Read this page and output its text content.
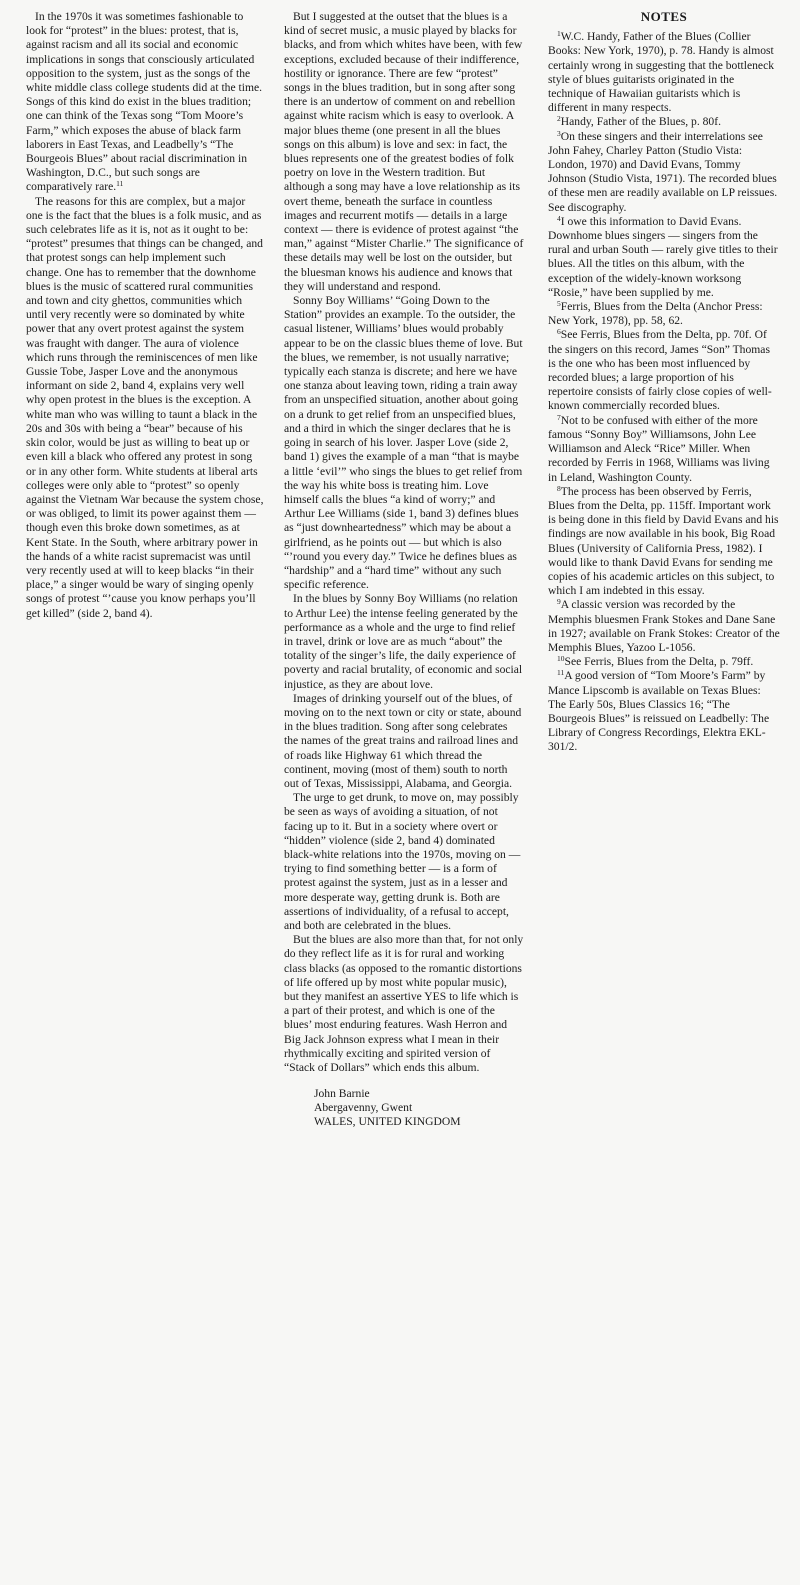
In the 1970s it was sometimes fashionable to look for “protest” in the blues: protest, that is, against racism and all its social and economic implications in songs that consciously articulated opposition to the system, just as the songs of the white middle class college students did at the time. Songs of this kind do exist in the blues tradition; one can think of the Texas song “Tom Moore’s Farm,” which exposes the abuse of black farm laborers in East Texas, and Leadbelly’s “The Bourgeois Blues” about racial discrimination in Washington, D.C., but such songs are comparatively rare.$^{11}$

The reasons for this are complex, but a major one is the fact that the blues is a folk music, and as such celebrates life as it is, not as it ought to be: “protest” presumes that things can be changed, and that protest songs can help implement such change. One has to remember that the downhome blues is the music of scattered rural communities and town and city ghettos, communities which until very recently were so dominated by white power that any overt protest against the system was fraught with danger. The aura of violence which runs through the reminiscences of men like Gussie Tobe, Jasper Love and the anonymous informant on side 2, band 4, explains very well why open protest in the blues is the exception. A white man who was willing to taunt a black in the 20s and 30s with being a “bear” because of his skin color, would be just as willing to beat up or even kill a black who offered any protest in song or in any other form. White students at liberal arts colleges were only able to “protest” so openly against the Vietnam War because the system chose, or was obliged, to limit its power against them — though even this broke down sometimes, as at Kent State. In the South, where arbitrary power in the hands of a white racist supremacist was until very recently used at will to keep blacks “in their place,” a singer would be wary of singing openly songs of protest “’cause you know perhaps you’ll get killed” (side 2, band 4).

But I suggested at the outset that the blues is a kind of secret music, a music played by blacks for blacks, and from which whites have been, with few exceptions, excluded because of their indifference, hostility or ignorance. There are few “protest” songs in the blues tradition, but in song after song there is an undertow of comment on and rebellion against white racism which is easy to overlook. A major blues theme (one present in all the blues songs on this album) is love and sex: in fact, the blues represents one of the greatest bodies of folk poetry on love in the Western tradition. But although a song may have a love relationship as its overt theme, beneath the surface in countless images and recurrent motifs — details in a large context — there is evidence of protest against “the man,” against “Mister Charlie.” The significance of these details may well be lost on the outsider, but the bluesman knows his audience and knows that they will understand and respond.

Sonny Boy Williams’ “Going Down to the Station” provides an example. To the outsider, the casual listener, Williams’ blues would probably appear to be on the classic blues theme of love. But the blues, we remember, is not usually narrative; typically each stanza is discrete; and here we have one stanza about leaving town, riding a train away from an unspecified situation, another about going on a drunk to get relief from an unspecified blues, and a third in which the singer declares that he is going in search of his lover. Jasper Love (side 2, band 1) gives the example of a man “that is maybe a little ‘evil’” who sings the blues to get relief from the way his white boss is treating him. Love himself calls the blues “a kind of worry;” and Arthur Lee Williams (side 1, band 3) defines blues as “just downheartedness” which may be about a girlfriend, as he points out — but which is also “’round you every day.” Twice he defines blues as “hardship” and a “hard time” without any such specific reference.

In the blues by Sonny Boy Williams (no relation to Arthur Lee) the intense feeling generated by the performance as a whole and the urge to find relief in travel, drink or love are as much “about” the totality of the singer’s life, the daily experience of poverty and racial brutality, of economic and social injustice, as they are about love.

Images of drinking yourself out of the blues, of moving on to the next town or city or state, abound in the blues tradition. Song after song celebrates the names of the great trains and railroad lines and of roads like Highway 61 which thread the continent, moving (most of them) south to north out of Texas, Mississippi, Alabama, and Georgia.

The urge to get drunk, to move on, may possibly be seen as ways of avoiding a situation, of not facing up to it. But in a society where overt or “hidden” violence (side 2, band 4) dominated black-white relations into the 1970s, moving on — trying to find something better — is a form of protest against the system, just as in a lesser and more desperate way, getting drunk is. Both are assertions of individuality, of a refusal to accept, and both are celebrated in the blues.

But the blues are also more than that, for not only do they reflect life as it is for rural and working class blacks (as opposed to the romantic distortions of life offered up by most white popular music), but they manifest an assertive YES to life which is a part of their protest, and which is one of the blues’ most enduring features. Wash Herron and Big Jack Johnson express what I mean in their rhythmically exciting and spirited version of “Stack of Dollars” which ends this album.

John Barnie
Abergavenny, Gwent
WALES, UNITED KINGDOM
NOTES

$^1$W.C. Handy, Father of the Blues (Collier Books: New York, 1970), p. 78. Handy is almost certainly wrong in suggesting that the bottleneck style of blues guitarists originated in the technique of Hawaiian guitarists which is different in many respects.

$^2$Handy, Father of the Blues, p. 80f.

$^3$On these singers and their interrelations see John Fahey, Charley Patton (Studio Vista: London, 1970) and David Evans, Tommy Johnson (Studio Vista, 1971). The recorded blues of these men are readily available on LP reissues. See discography.

$^4$I owe this information to David Evans. Downhome blues singers — singers from the rural and urban South — rarely give titles to their blues. All the titles on this album, with the exception of the widely-known worksong “Rosie,” have been supplied by me.

$^5$Ferris, Blues from the Delta (Anchor Press: New York, 1978), pp. 58, 62.

$^6$See Ferris, Blues from the Delta, pp. 70f. Of the singers on this record, James “Son” Thomas is the one who has been most influenced by recorded blues; a large proportion of his repertoire consists of fairly close copies of well-known commercially recorded blues.

$^7$Not to be confused with either of the more famous “Sonny Boy” Williamsons, John Lee Williamson and Aleck “Rice” Miller. When recorded by Ferris in 1968, Williams was living in Leland, Washington County.

$^8$The process has been observed by Ferris, Blues from the Delta, pp. 115ff. Important work is being done in this field by David Evans and his findings are now available in his book, Big Road Blues (University of California Press, 1982). I would like to thank David Evans for sending me copies of his academic articles on this subject, to which I am indebted in this essay.

$^9$A classic version was recorded by the Memphis bluesmen Frank Stokes and Dane Sane in 1927; available on Frank Stokes: Creator of the Memphis Blues, Yazoo L-1056.

$^{10}$See Ferris, Blues from the Delta, p. 79ff.

$^{11}$A good version of “Tom Moore’s Farm” by Mance Lipscomb is available on Texas Blues: The Early 50s, Blues Classics 16; “The Bourgeois Blues” is reissued on Leadbelly: The Library of Congress Recordings, Elektra EKL-301/2.
